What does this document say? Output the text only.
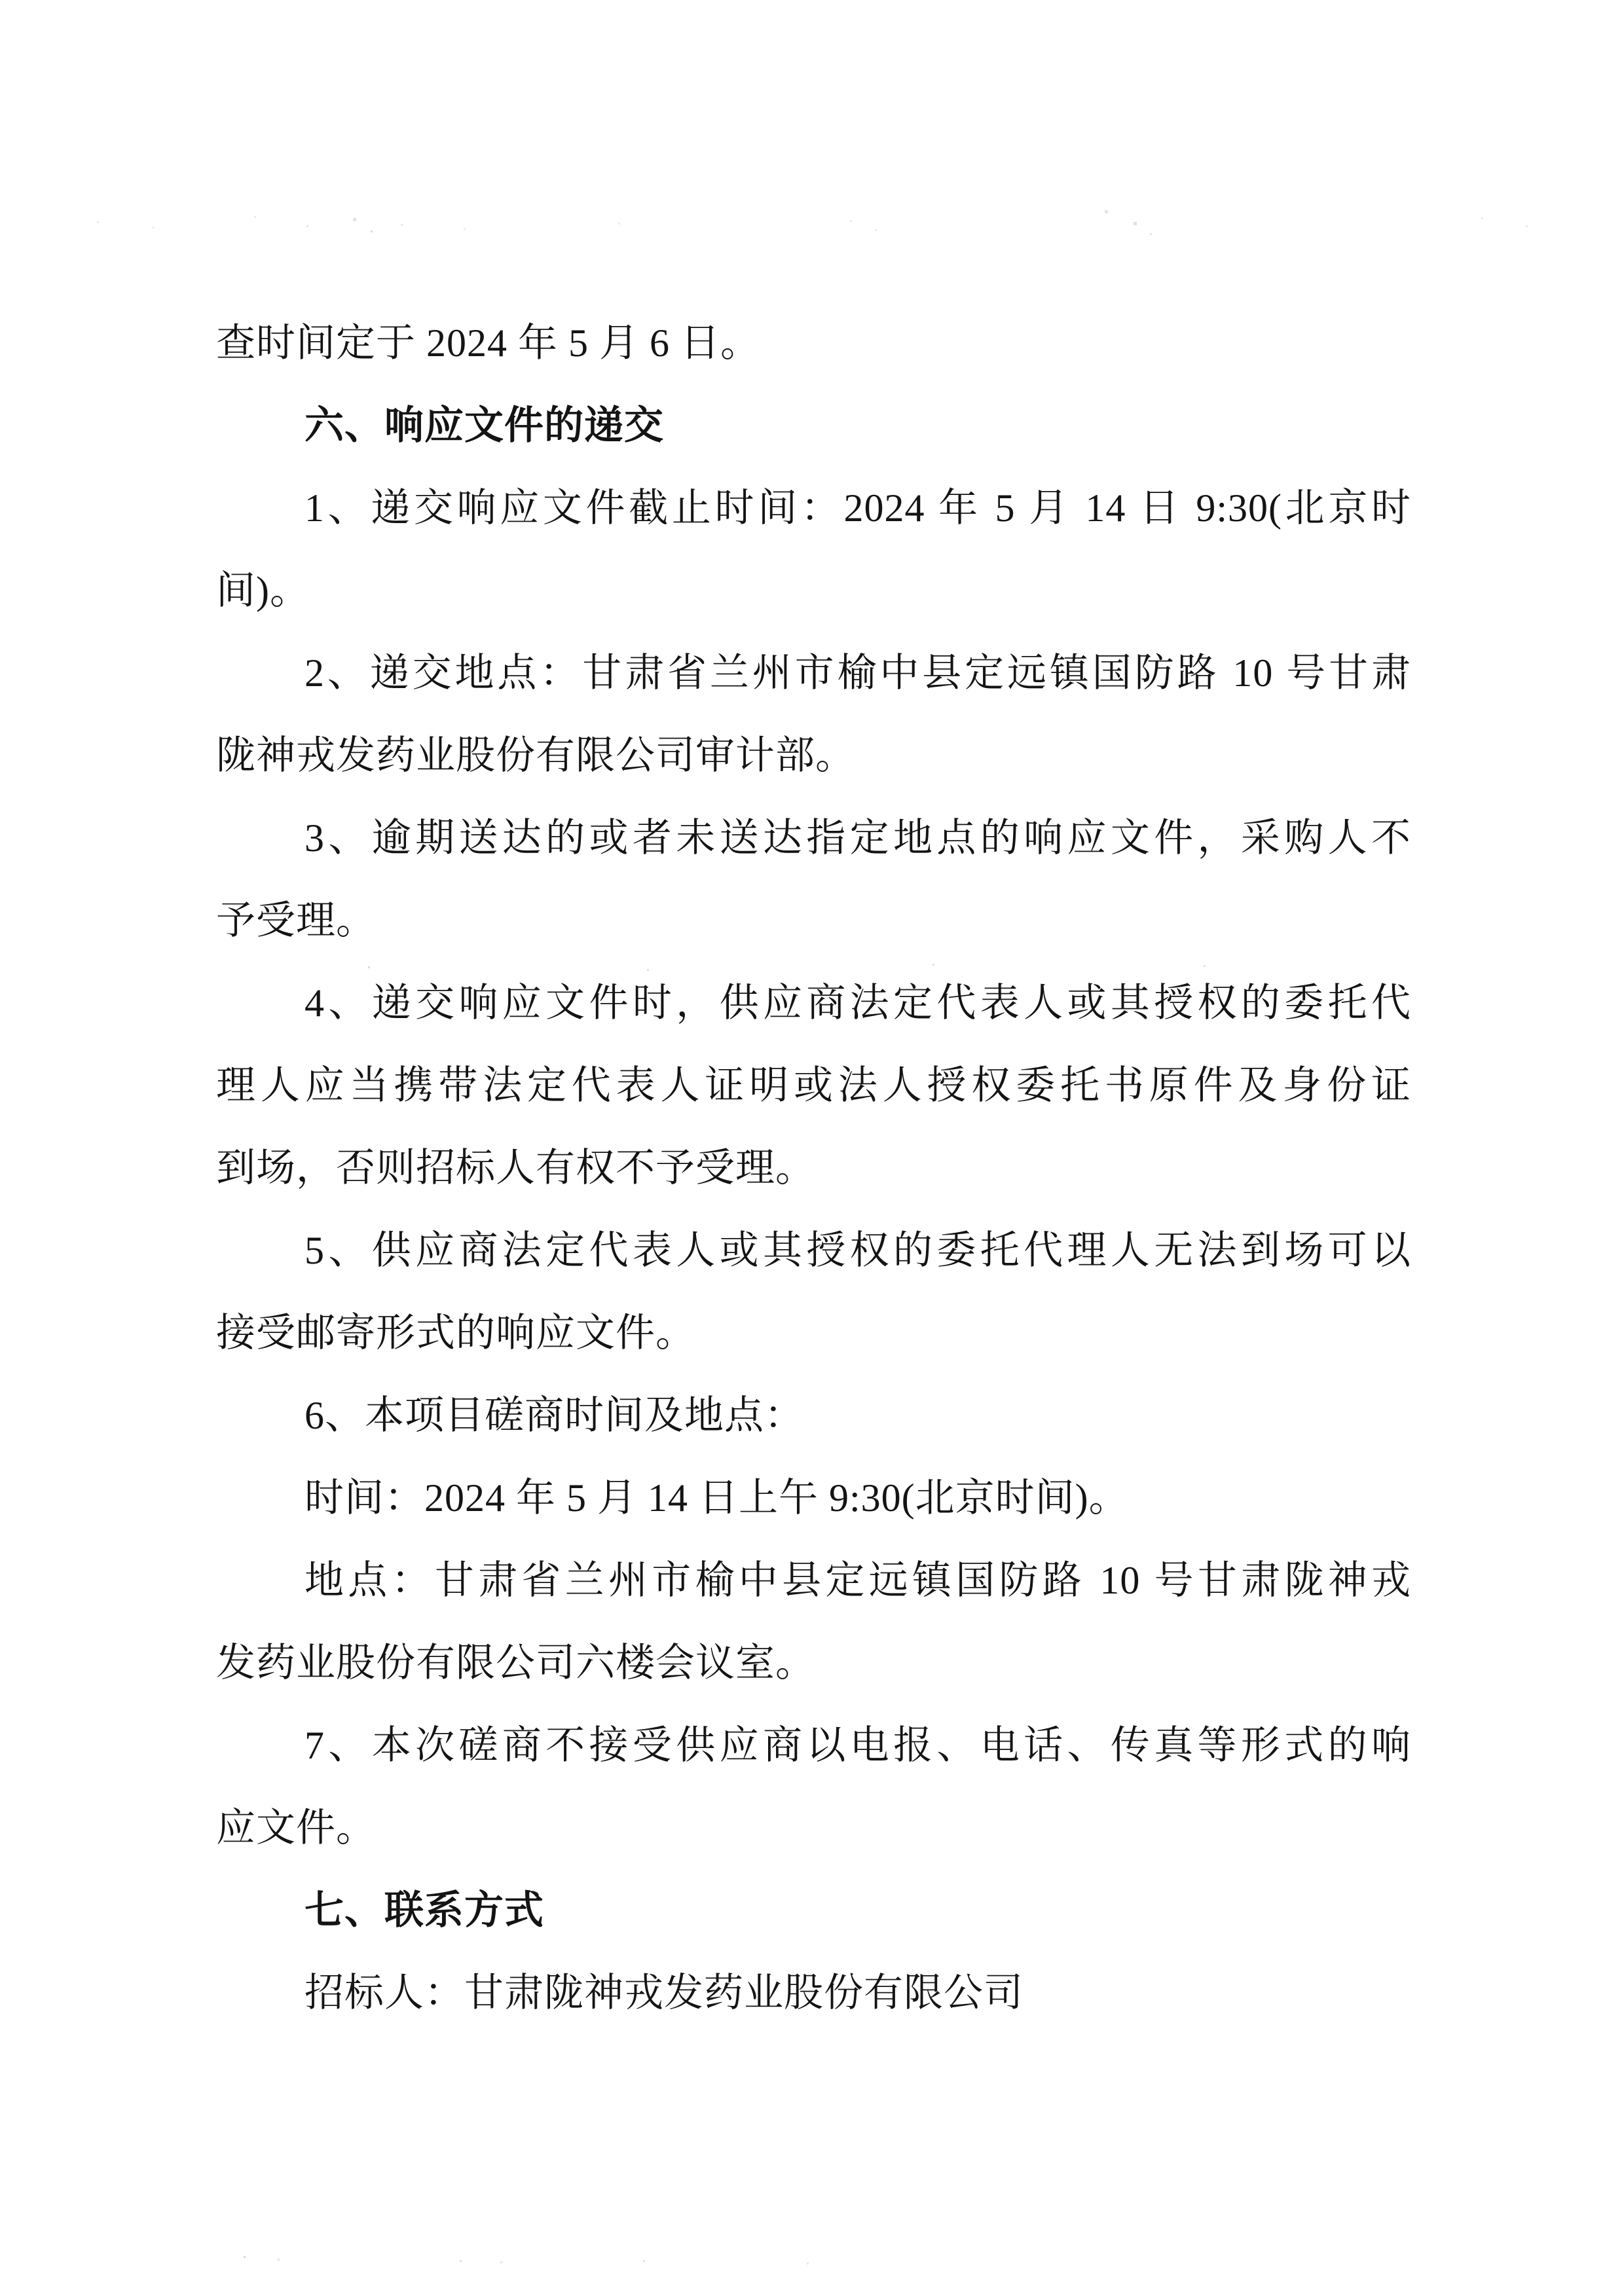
查时间定于 2024 年 5 月 6 日。
六、响应文件的递交
1、递交响应文件截止时间：2024 年 5 月 14 日 9:30(北京时
间)。
2、递交地点：甘肃省兰州市榆中县定远镇国防路 10 号甘肃
陇神戎发药业股份有限公司审计部。
3、逾期送达的或者未送达指定地点的响应文件，采购人不
予受理。
4、递交响应文件时，供应商法定代表人或其授权的委托代
理人应当携带法定代表人证明或法人授权委托书原件及身份证
到场，否则招标人有权不予受理。
5、供应商法定代表人或其授权的委托代理人无法到场可以
接受邮寄形式的响应文件。
6、本项目磋商时间及地点：
时间：2024 年 5 月 14 日上午 9:30(北京时间)。
地点：甘肃省兰州市榆中县定远镇国防路 10 号甘肃陇神戎
发药业股份有限公司六楼会议室。
7、本次磋商不接受供应商以电报、电话、传真等形式的响
应文件。
七、联系方式
招标人：甘肃陇神戎发药业股份有限公司
